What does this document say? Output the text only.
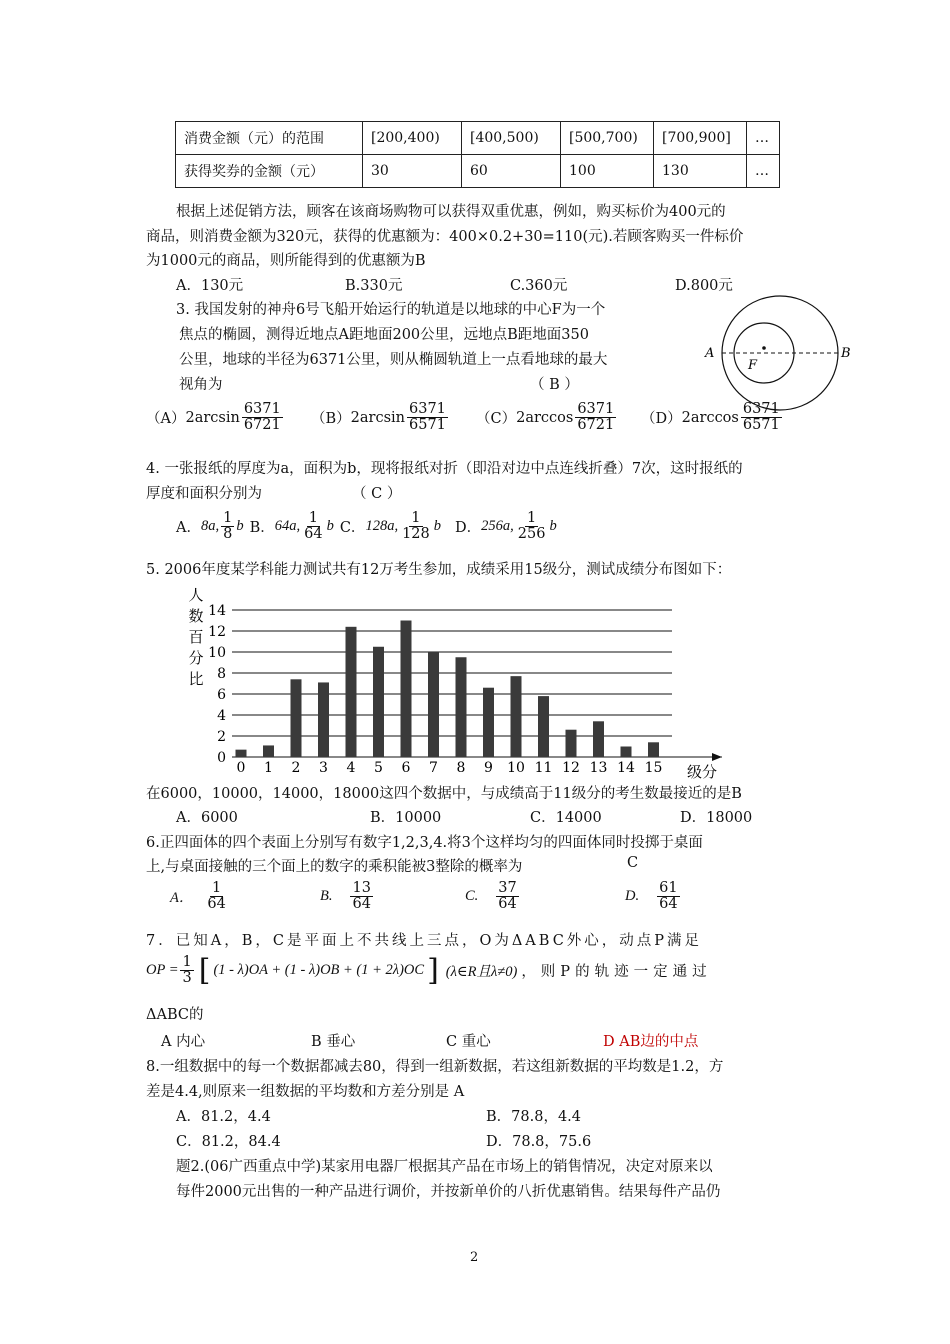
消费金额（元）的范围	[200,400)	[400,500)	[500,700)	[700,900]	…
获得奖券的金额（元）	30	60	100	130	…
根据上述促销方法，顾客在该商场购物可以获得双重优惠，例如，购买标价为400元的
商品，则消费金额为320元，获得的优惠额为：400×0.2+30=110(元).若顾客购买一件标价
为1000元的商品，则所能得到的优惠额为B
A．130元	B.330元	C.360元	D.800元
3. 我国发射的神舟6号飞船开始运行的轨道是以地球的中心F为一个
焦点的椭圆，测得近地点A距地面200公里，远地点B距地面350
公里，地球的半径为6371公里，则从椭圆轨道上一点看地球的最大
视角为	（ B ）
A	B
F
（A） $2\arcsin \frac{6371}{6721} (B)$ $2\arcsin \frac{6371}{6571} (C)$ $2\arccos \frac{6371}{6721} (D)$ $2\arccos \frac{6371}{6571}$
4. 一张报纸的厚度为a，面积为b，现将报纸对折（即沿对边中点连线折叠）7次，这时报纸的
厚度和面积分别为	（ C ）
A． 8a, $\frac{1}{8}$ b B． 64a, $\frac{1}{64}$ b C． 128a, $\frac{1}{128}$ b D． 256a, $\frac{1}{256}$ b
5. 2006年度某学科能力测试共有12万考生参加，成绩采用15级分，测试成绩分布图如下：
0
2
4
6
8
10
12
14
人
数
百
分
比
0 1 2 3 4 5 6 7 8 9 10 11 12 13 14 15 级分
在6000，10000，14000，18000这四个数据中，与成绩高于11级分的考生数最接近的是B
A．6000	B．10000	C．14000	D．18000
6.正四面体的四个表面上分别写有数字1,2,3,4.将3个这样均匀的四面体同时投掷于桌面
上,与桌面接触的三个面上的数字的乘积能被3整除的概率为	C
A． $\frac{1}{64}$	B. $\frac{13}{64}$	C. $\frac{37}{64}$	D. $\frac{61}{64}$
7．已知A，B，C是平面上不共线上三点，O为ΔABC外心，动点P满足
OP = $\frac{1}{3}$ [ (1 - λ)OA + (1 - λ)OB + (1 + 2λ)OC ] (λ∈R且λ≠0) ，则P的轨迹一定通过
ΔABC的
A 内心	B 垂心	C 重心	D AB边的中点
8.一组数据中的每一个数据都减去80，得到一组新数据，若这组新数据的平均数是1.2，方
差是4.4,则原来一组数据的平均数和方差分别是 A
A．81.2，4.4	B．78.8，4.4
C．81.2，84.4	D．78.8，75.6
题2.(06广西重点中学)某家用电器厂根据其产品在市场上的销售情况，决定对原来以
每件2000元出售的一种产品进行调价，并按新单价的八折优惠销售。结果每件产品仍
2
